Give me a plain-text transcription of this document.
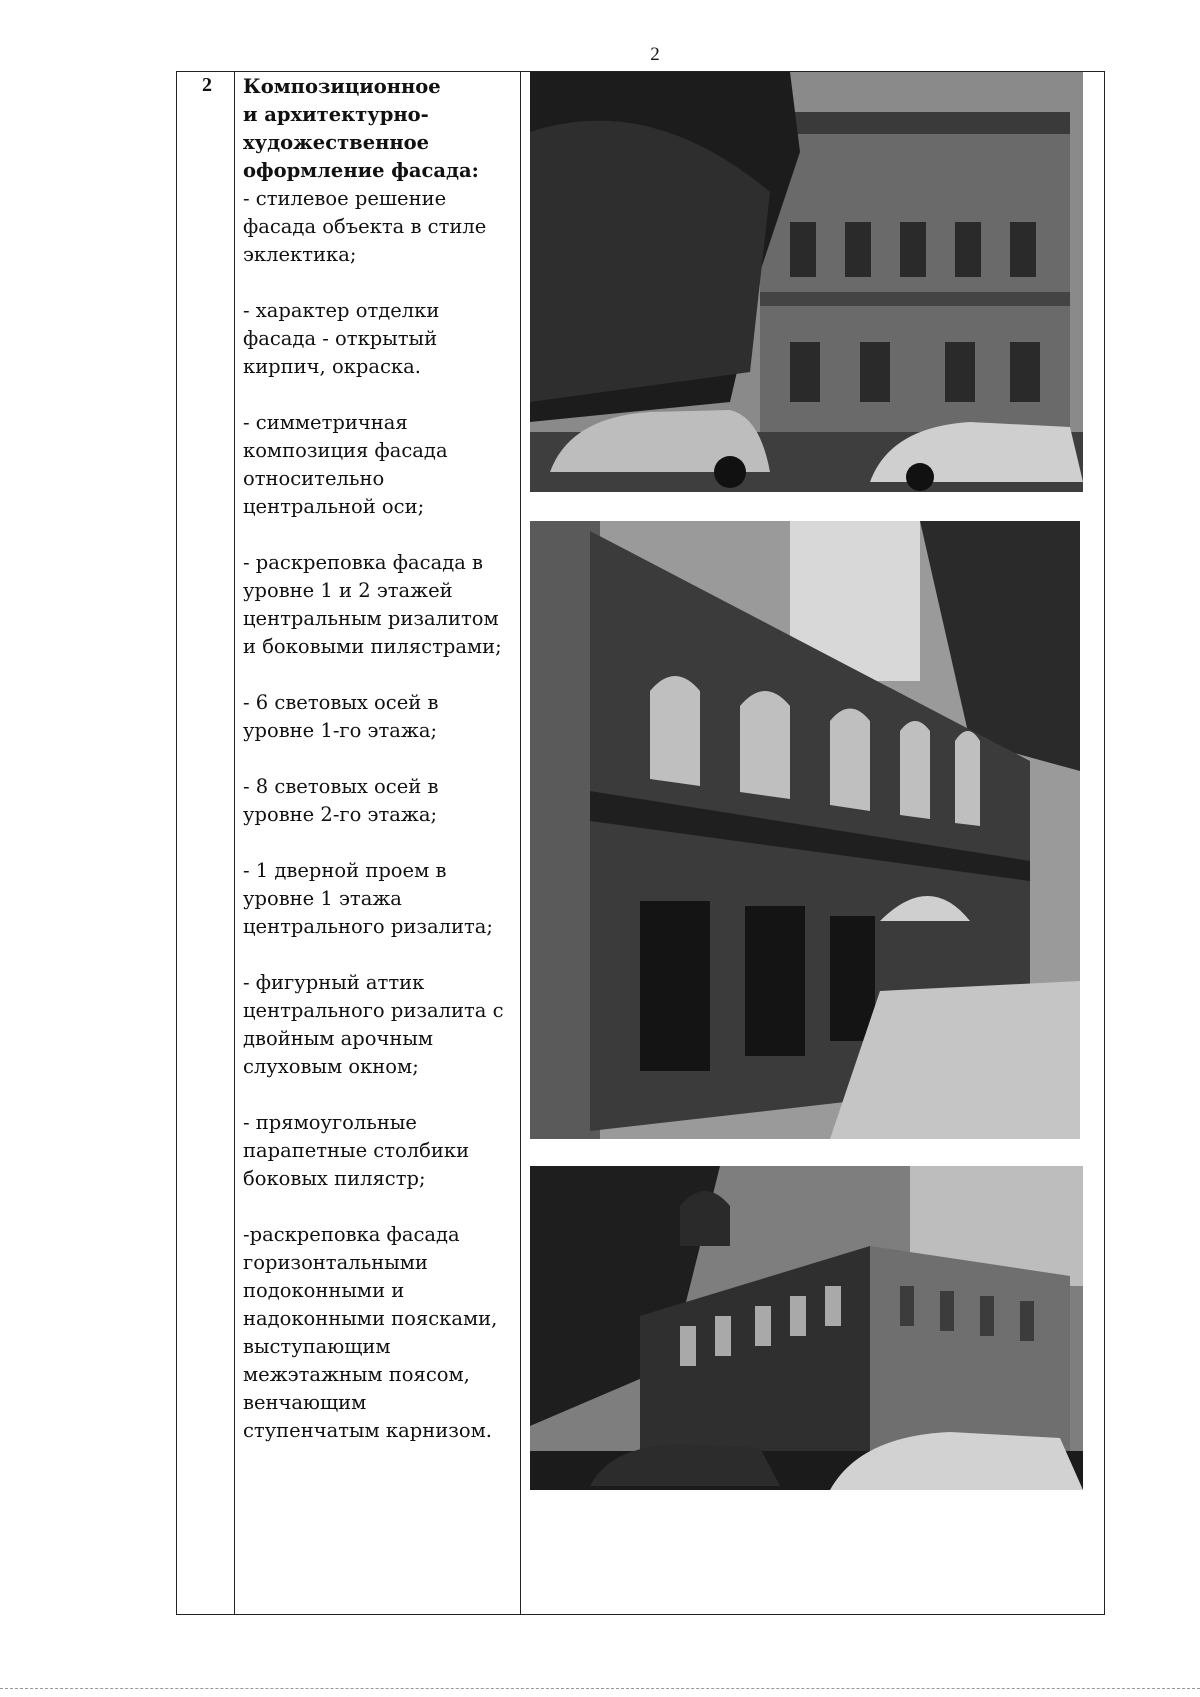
2
2	Композиционное
и архитектурно-
художественное
оформление фасада:
- стилевое решение
фасада объекта в стиле
эклектика;
- характер отделки
фасада - открытый
кирпич, окраска.
- симметричная
композиция фасада
относительно
центральной оси;
- раскреповка фасада в
уровне 1 и 2 этажей
центральным ризалитом
и боковыми пилястрами;
- 6 световых осей в
уровне 1-го этажа;
- 8 световых осей в
уровне 2-го этажа;
- 1 дверной проем в
уровне 1 этажа
центрального ризалита;
- фигурный аттик
центрального ризалита с
двойным арочным
слуховым окном;
- прямоугольные
парапетные столбики
боковых пилястр;
-раскреповка фасада
горизонтальными
подоконными и
надоконными поясками,
выступающим
межэтажным поясом,
венчающим
ступенчатым карнизом.
